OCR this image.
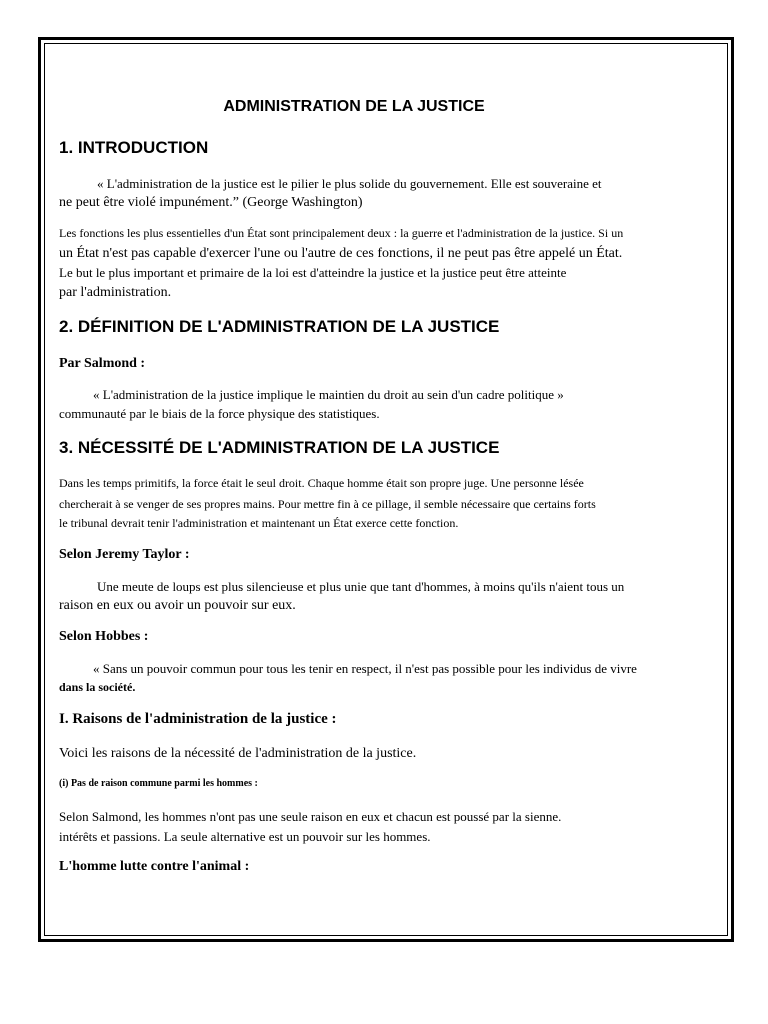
ADMINISTRATION DE LA JUSTICE
1. INTRODUCTION
« L'administration de la justice est le pilier le plus solide du gouvernement. Elle est souveraine et
ne peut être violé impunément.” (George Washington)
Les fonctions les plus essentielles d'un État sont principalement deux : la guerre et l'administration de la justice. Si un
un État n'est pas capable d'exercer l'une ou l'autre de ces fonctions, il ne peut pas être appelé un État.
Le but le plus important et primaire de la loi est d'atteindre la justice et la justice peut être atteinte
par l'administration.
2. DÉFINITION DE L'ADMINISTRATION DE LA JUSTICE
Par Salmond :
« L'administration de la justice implique le maintien du droit au sein d'un cadre politique »
communauté par le biais de la force physique des statistiques.
3. NÉCESSITÉ DE L'ADMINISTRATION DE LA JUSTICE
Dans les temps primitifs, la force était le seul droit. Chaque homme était son propre juge. Une personne lésée
chercherait à se venger de ses propres mains. Pour mettre fin à ce pillage, il semble nécessaire que certains forts
le tribunal devrait tenir l'administration et maintenant un État exerce cette fonction.
Selon Jeremy Taylor :
Une meute de loups est plus silencieuse et plus unie que tant d'hommes, à moins qu'ils n'aient tous un
raison en eux ou avoir un pouvoir sur eux.
Selon Hobbes :
« Sans un pouvoir commun pour tous les tenir en respect, il n'est pas possible pour les individus de vivre
dans la société.
I. Raisons de l'administration de la justice :
Voici les raisons de la nécessité de l'administration de la justice.
(i) Pas de raison commune parmi les hommes :
Selon Salmond, les hommes n'ont pas une seule raison en eux et chacun est poussé par la sienne.
intérêts et passions. La seule alternative est un pouvoir sur les hommes.
L'homme lutte contre l'animal :
